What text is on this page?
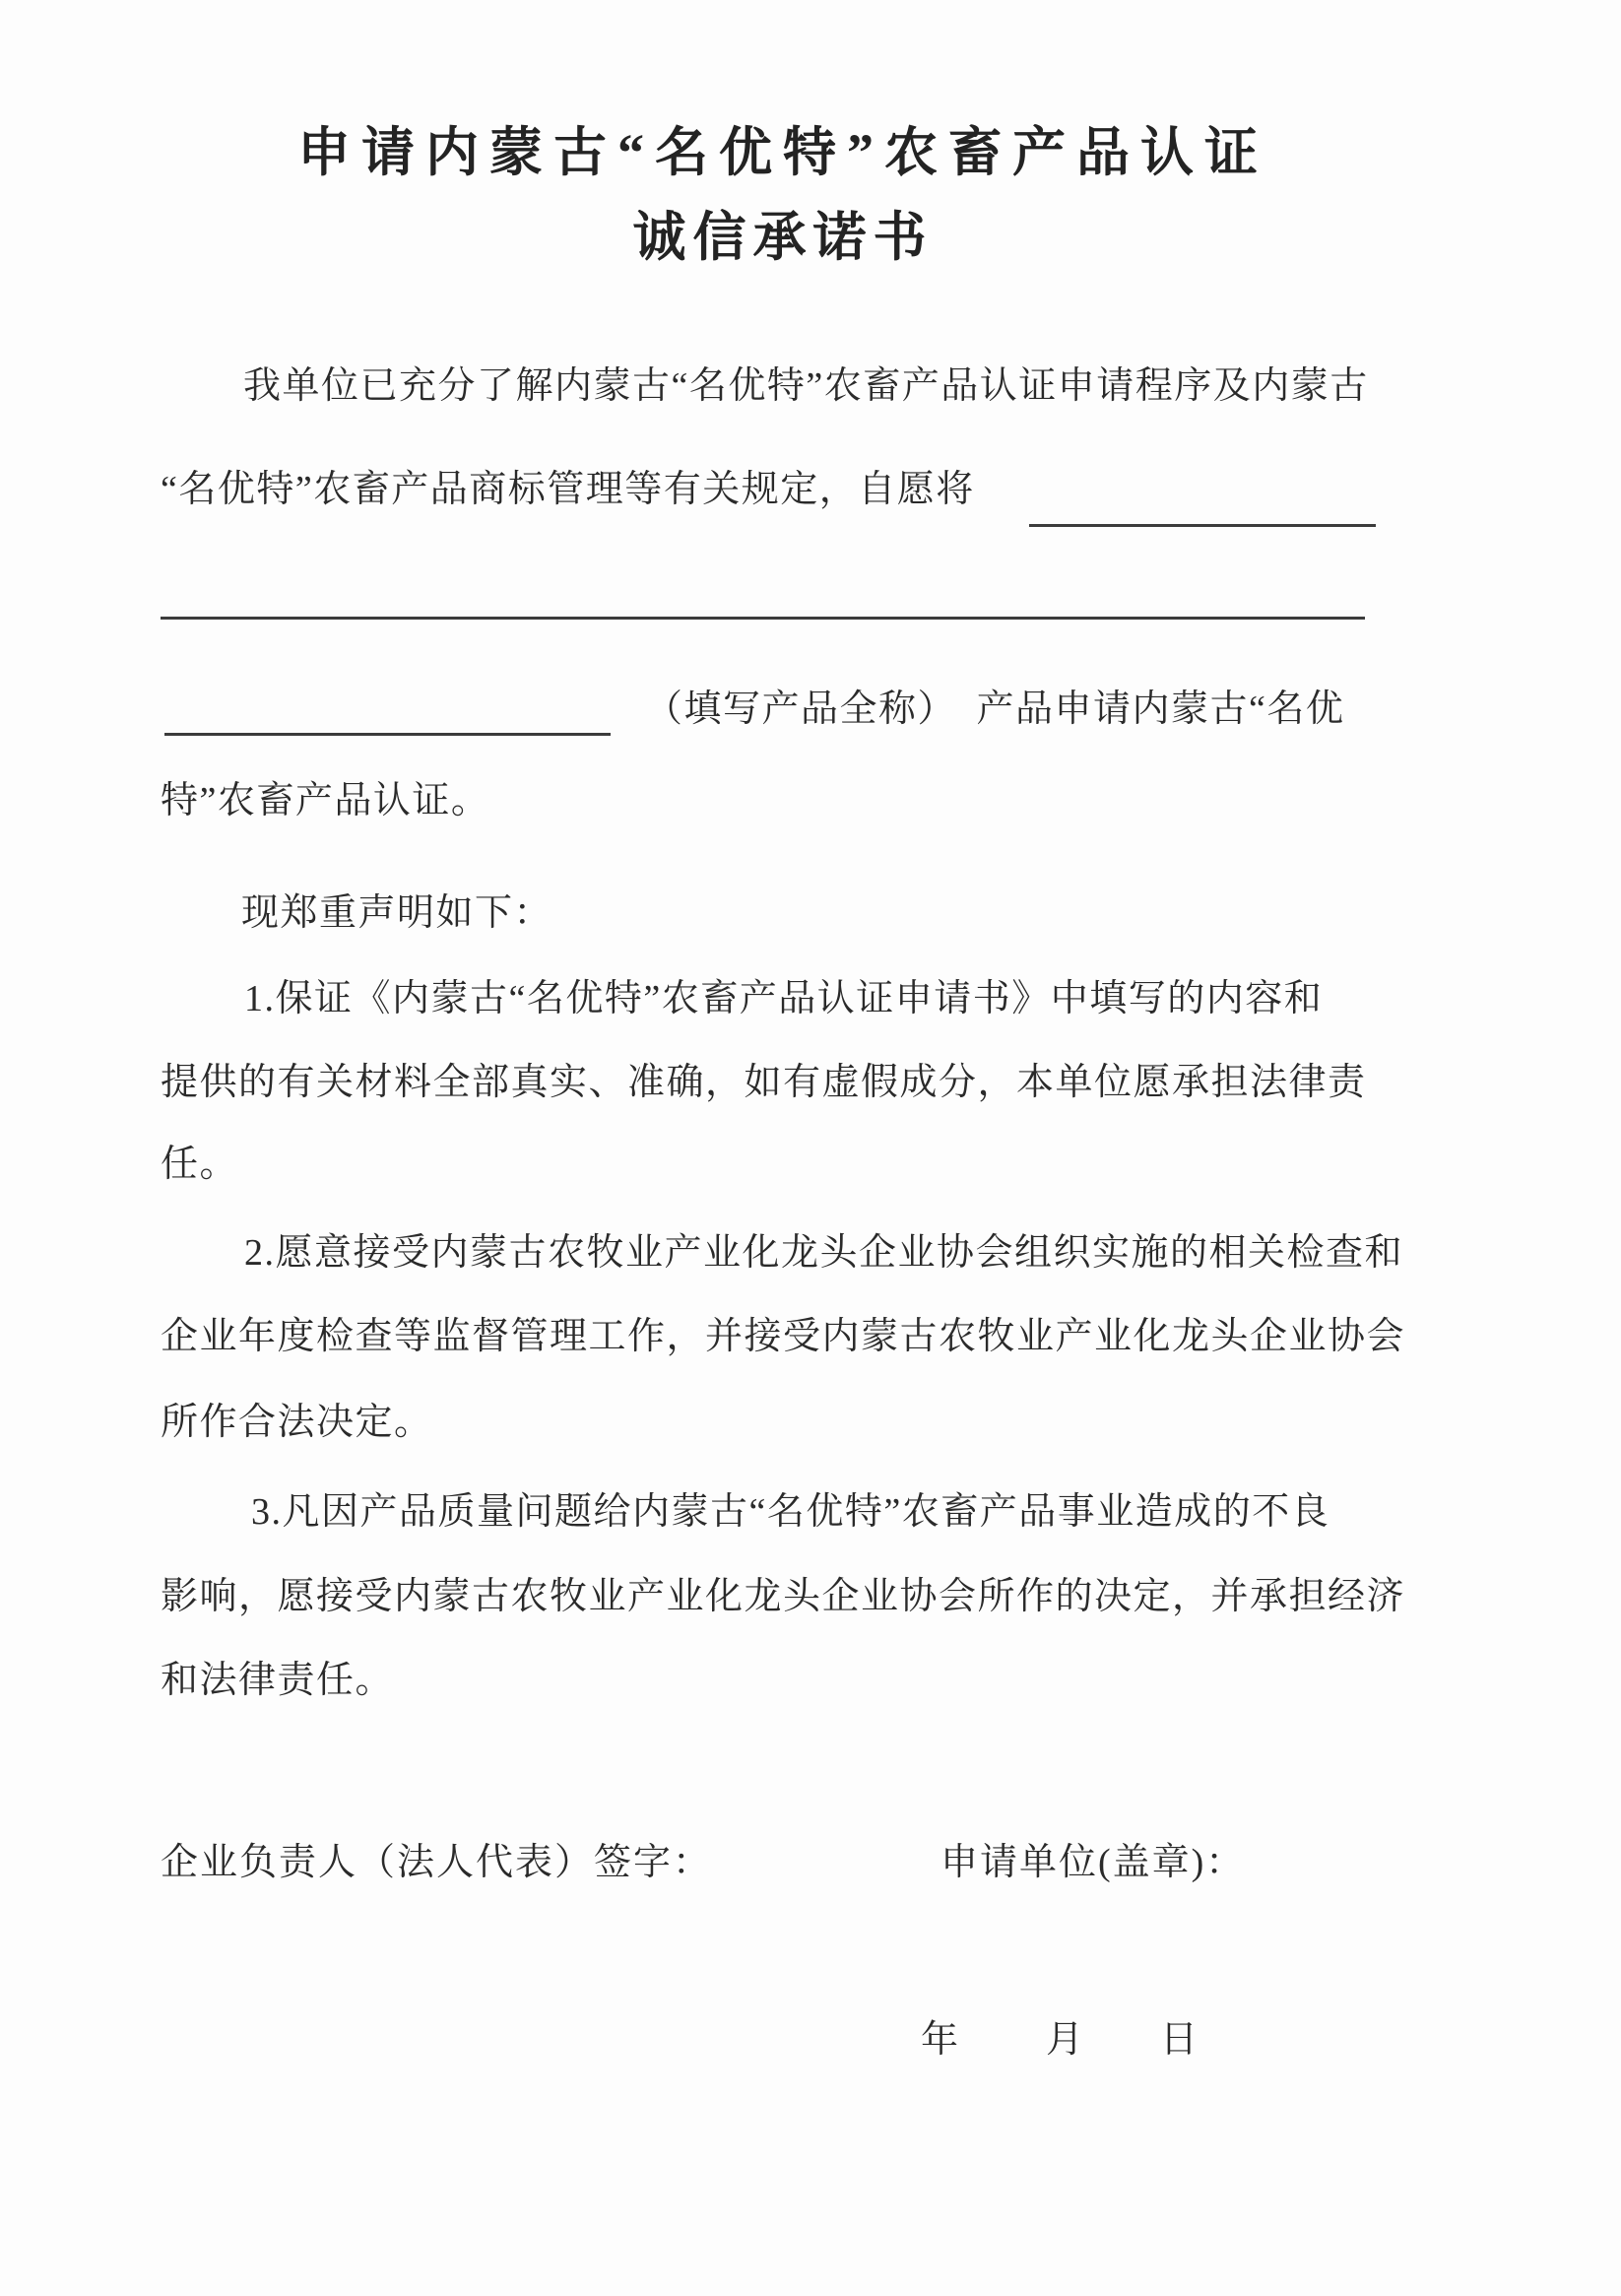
申请内蒙古“名优特”农畜产品认证
诚信承诺书
我单位已充分了解内蒙古“名优特”农畜产品认证申请程序及内蒙古
“名优特”农畜产品商标管理等有关规定，自愿将
（填写产品全称）　产品申请内蒙古“名优
特”农畜产品认证。
现郑重声明如下：
1.保证《内蒙古“名优特”农畜产品认证申请书》中填写的内容和
提供的有关材料全部真实、准确，如有虚假成分，本单位愿承担法律责
任。
2.愿意接受内蒙古农牧业产业化龙头企业协会组织实施的相关检查和
企业年度检查等监督管理工作，并接受内蒙古农牧业产业化龙头企业协会
所作合法决定。
3.凡因产品质量问题给内蒙古“名优特”农畜产品事业造成的不良
影响，愿接受内蒙古农牧业产业化龙头企业协会所作的决定，并承担经济
和法律责任。
企业负责人（法人代表）签字：	申请单位(盖章)：
年 月 日
